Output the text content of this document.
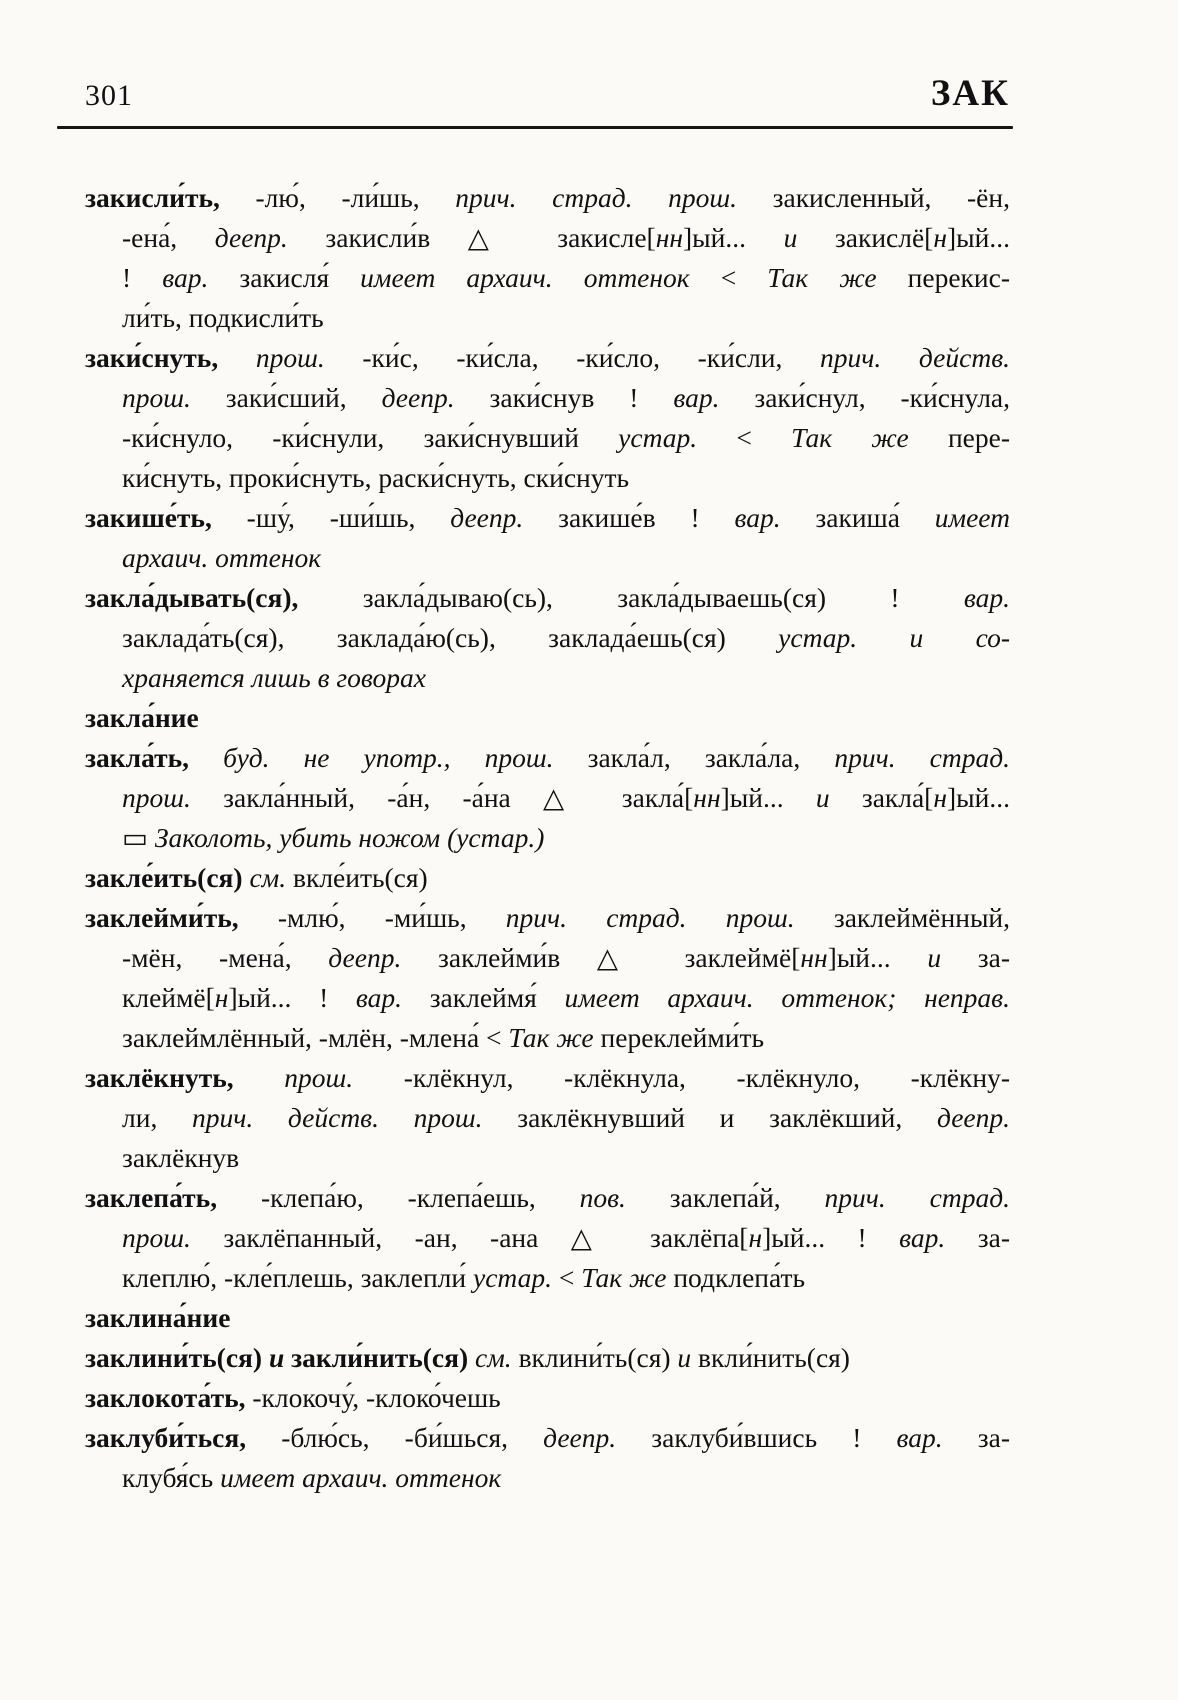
301	ЗАК
закисли́ть, -лю́, -ли́шь, прич. страд. прош. закисленный, -ён,
-ена́, деепр. закисли́в △ закисле[нн]ый... и закислё[н]ый...
! вар. закисля́ имеет архаич. оттенок < Так же перекис-
ли́ть, подкисли́ть
заки́снуть, прош. -ки́с, -ки́сла, -ки́сло, -ки́сли, прич. действ.
прош. заки́сший, деепр. заки́снув ! вар. заки́снул, -ки́снула,
-ки́снуло, -ки́снули, заки́снувший устар. < Так же пере-
ки́снуть, проки́снуть, раски́снуть, ски́снуть
закише́ть, -шу́, -ши́шь, деепр. закише́в ! вар. закиша́ имеет
архаич. оттенок
закла́дывать(ся), закла́дываю(сь), закла́дываешь(ся) ! вар.
заклада́ть(ся), заклада́ю(сь), заклада́ешь(ся) устар. и со-
храняется лишь в говорах
закла́ние
закла́ть, буд. не употр., прош. закла́л, закла́ла, прич. страд.
прош. закла́нный, -а́н, -а́на △ закла́[нн]ый... и закла́[н]ый...
▭ Заколоть, убить ножом (устар.)
закле́ить(ся) см. вкле́ить(ся)
заклейми́ть, -млю́, -ми́шь, прич. страд. прош. заклеймённый,
-мён, -мена́, деепр. заклейми́в △ заклеймё[нн]ый... и за-
клеймё[н]ый... ! вар. заклеймя́ имеет архаич. оттенок; неправ.
заклеймлённый, -млён, -млена́ < Так же переклейми́ть
заклёкнуть, прош. -клёкнул, -клёкнула, -клёкнуло, -клёкну-
ли, прич. действ. прош. заклёкнувший и заклёкший, деепр.
заклёкнув
заклепа́ть, -клепа́ю, -клепа́ешь, пов. заклепа́й, прич. страд.
прош. заклёпанный, -ан, -ана △ заклёпа[н]ый... ! вар. за-
клеплю́, -кле́плешь, заклепли́ устар. < Так же подклепа́ть
заклина́ние
заклини́ть(ся) и закли́нить(ся) см. вклини́ть(ся) и вкли́нить(ся)
заклокота́ть, -клокочу́, -клоко́чешь
заклуби́ться, -блю́сь, -би́шься, деепр. заклуби́вшись ! вар. за-
клубя́сь имеет архаич. оттенок
